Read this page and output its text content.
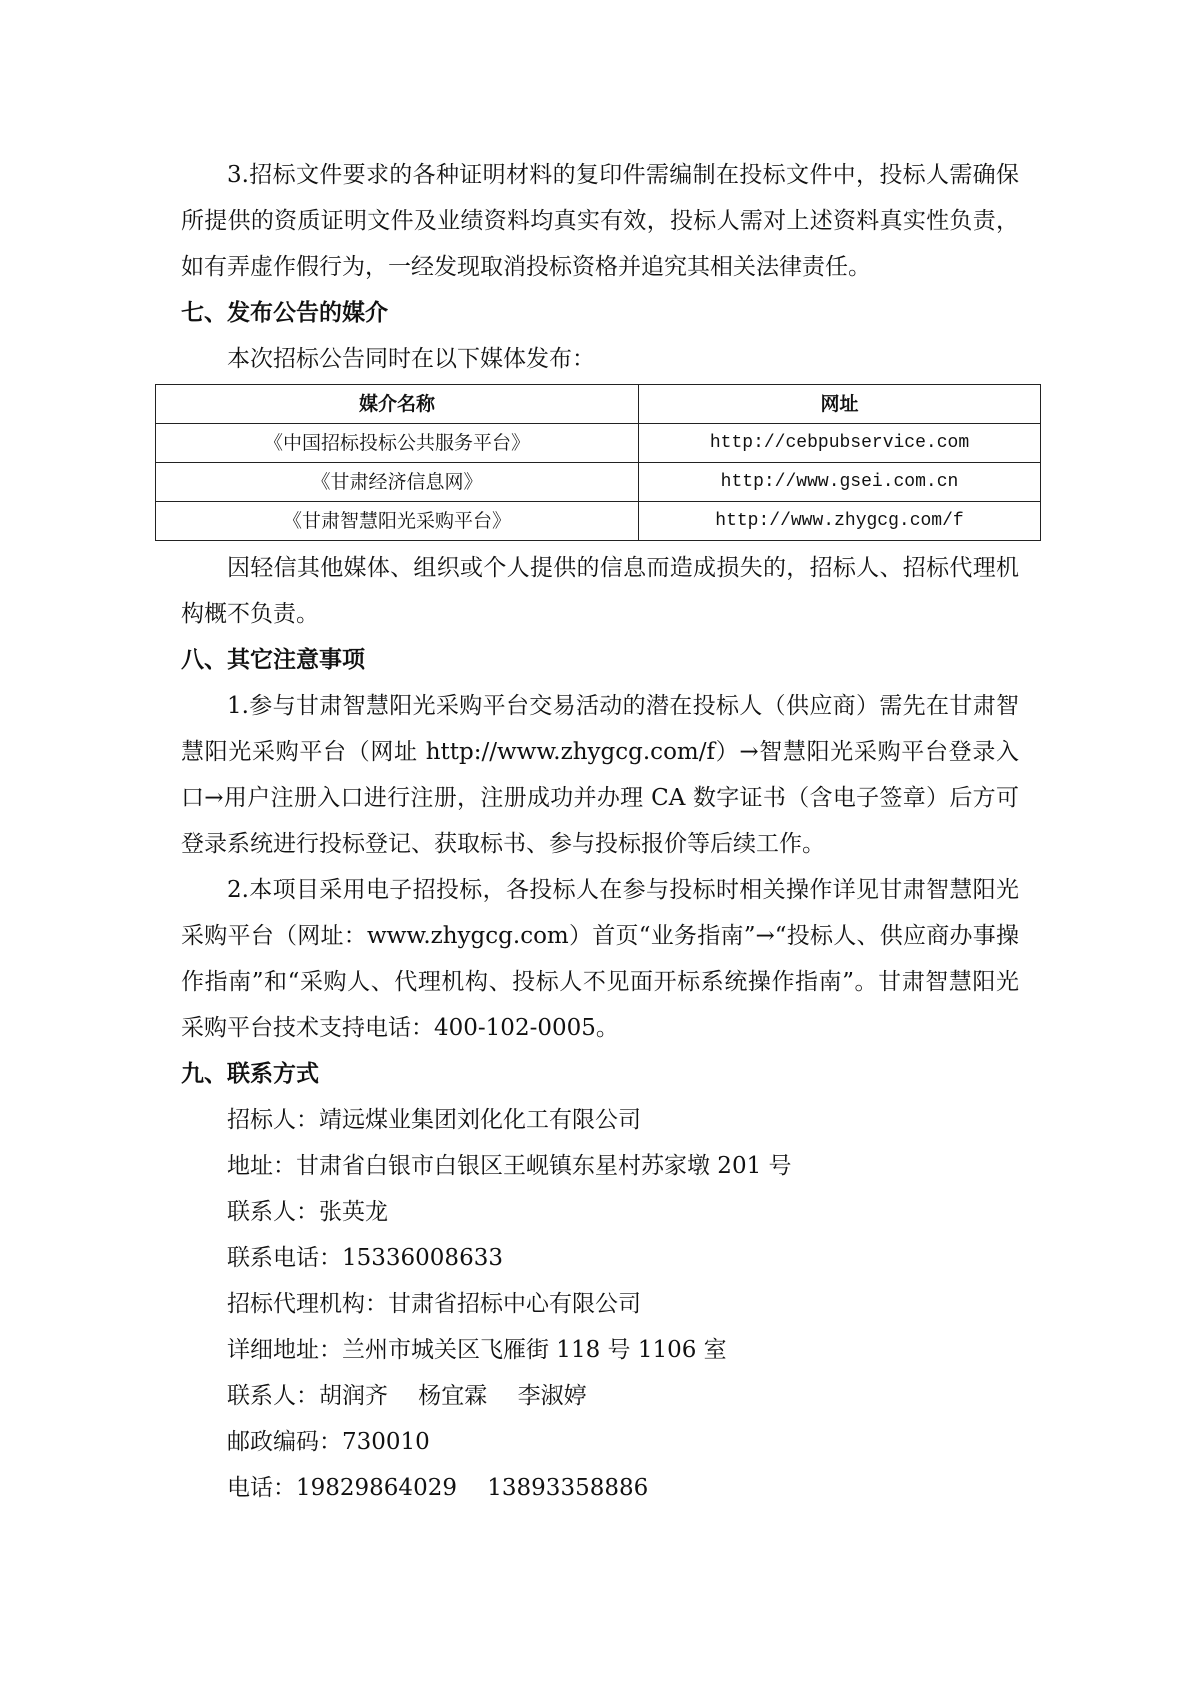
3.招标文件要求的各种证明材料的复印件需编制在投标文件中，投标人需确保所提供的资质证明文件及业绩资料均真实有效，投标人需对上述资料真实性负责，如有弄虚作假行为，一经发现取消投标资格并追究其相关法律责任。

七、发布公告的媒介

本次招标公告同时在以下媒体发布：

媒介名称	网址
《中国招标投标公共服务平台》	http://cebpubservice.com
《甘肃经济信息网》	http://www.gsei.com.cn
《甘肃智慧阳光采购平台》	http://www.zhygcg.com/f

因轻信其他媒体、组织或个人提供的信息而造成损失的，招标人、招标代理机构概不负责。

八、其它注意事项

1.参与甘肃智慧阳光采购平台交易活动的潜在投标人（供应商）需先在甘肃智慧阳光采购平台（网址 http://www.zhygcg.com/f）→智慧阳光采购平台登录入口→用户注册入口进行注册，注册成功并办理 CA 数字证书（含电子签章）后方可登录系统进行投标登记、获取标书、参与投标报价等后续工作。

2.本项目采用电子招投标，各投标人在参与投标时相关操作详见甘肃智慧阳光采购平台（网址：www.zhygcg.com）首页“业务指南”→“投标人、供应商办事操作指南”和“采购人、代理机构、投标人不见面开标系统操作指南”。甘肃智慧阳光采购平台技术支持电话：400-102-0005。

九、联系方式

招标人：靖远煤业集团刘化化工有限公司

地址：甘肃省白银市白银区王岘镇东星村苏家墩 201 号

联系人：张英龙

联系电话：15336008633

招标代理机构：甘肃省招标中心有限公司

详细地址：兰州市城关区飞雁街 118 号 1106 室

联系人：胡润齐　 杨宜霖　 李淑婷

邮政编码：730010

电话：19829864029　 13893358886
